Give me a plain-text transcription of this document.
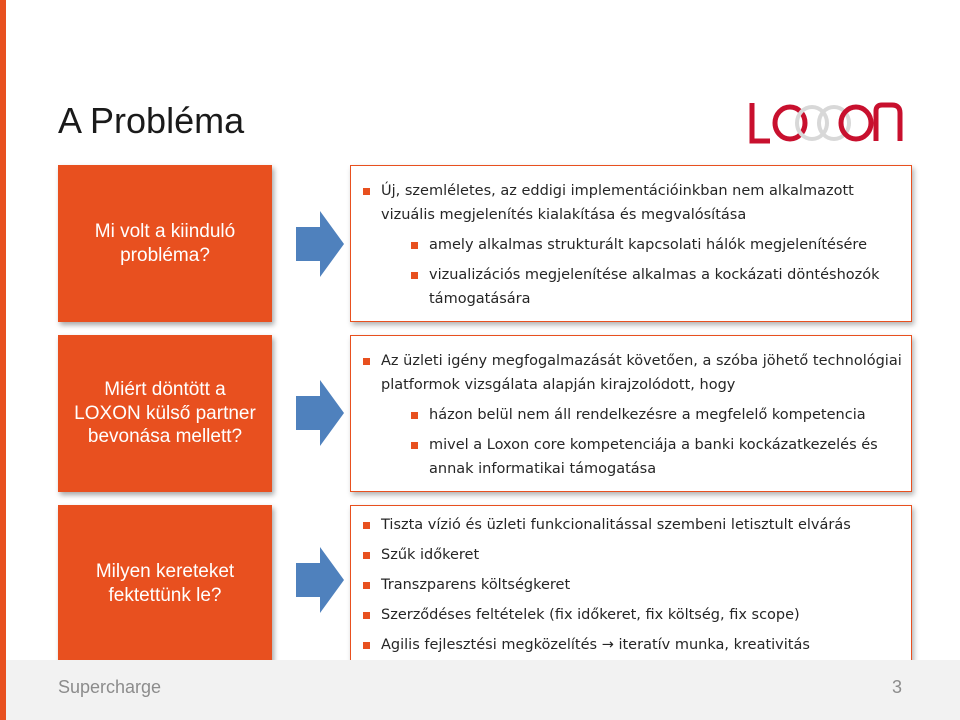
A Probléma
Mi volt a kiinduló probléma?
Új, szemléletes, az eddigi implementációinkban nem alkalmazott vizuális megjelenítés kialakítása és megvalósítása
amely alkalmas strukturált kapcsolati hálók megjelenítésére
vizualizációs megjelenítése alkalmas a kockázati döntéshozók támogatására
Miért döntött a LOXON külső partner bevonása mellett?
Az üzleti igény megfogalmazását követően, a szóba jöhető technológiai platformok vizsgálata alapján kirajzolódott, hogy
házon belül nem áll rendelkezésre a megfelelő kompetencia
mivel a Loxon core kompetenciája a banki kockázatkezelés és annak informatikai támogatása
Milyen kereteket fektettünk le?
Tiszta vízió és üzleti funkcionalitással szembeni letisztult elvárás
Szűk időkeret
Transzparens költségkeret
Szerződéses feltételek (fix időkeret, fix költség, fix scope)
Agilis fejlesztési megközelítés → iteratív munka, kreativitás
Supercharge	3
